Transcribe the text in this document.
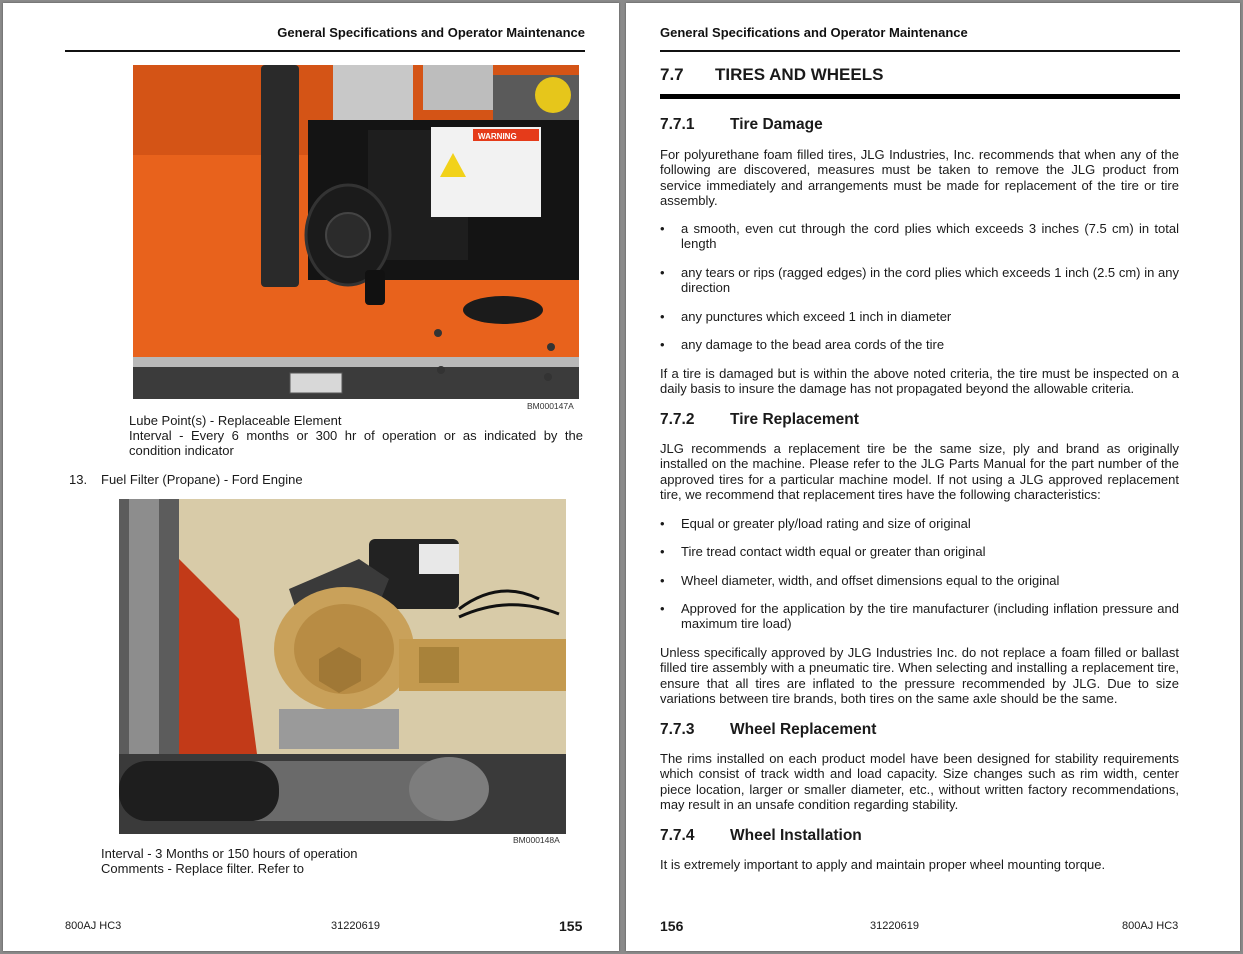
General Specifications and Operator Maintenance
WARNING
BM000147A
Lube Point(s) - Replaceable Element
Interval - Every 6 months or 300 hr of operation or as indicated by the condition indicator
13. Fuel Filter (Propane) - Ford Engine
BM000148A
Interval - 3 Months or 150 hours of operation
Comments - Replace filter. Refer to
800AJ HC3	31220619	155
General Specifications and Operator Maintenance
7.7 TIRES AND WHEELS
7.7.1 Tire Damage
For polyurethane foam filled tires, JLG Industries, Inc. recommends that when any of the following are discovered, measures must be taken to remove the JLG product from service immediately and arrangements must be made for replacement of the tire or tire assembly.
• a smooth, even cut through the cord plies which exceeds 3 inches (7.5 cm) in total length
• any tears or rips (ragged edges) in the cord plies which exceeds 1 inch (2.5 cm) in any direction
• any punctures which exceed 1 inch in diameter
• any damage to the bead area cords of the tire
If a tire is damaged but is within the above noted criteria, the tire must be inspected on a daily basis to insure the damage has not propagated beyond the allowable criteria.
7.7.2 Tire Replacement
JLG recommends a replacement tire be the same size, ply and brand as originally installed on the machine. Please refer to the JLG Parts Manual for the part number of the approved tires for a particular machine model. If not using a JLG approved replacement tire, we recommend that replacement tires have the following characteristics:
• Equal or greater ply/load rating and size of original
• Tire tread contact width equal or greater than original
• Wheel diameter, width, and offset dimensions equal to the original
• Approved for the application by the tire manufacturer (including inflation pressure and maximum tire load)
Unless specifically approved by JLG Industries Inc. do not replace a foam filled or ballast filled tire assembly with a pneumatic tire. When selecting and installing a replacement tire, ensure that all tires are inflated to the pressure recommended by JLG. Due to size variations between tire brands, both tires on the same axle should be the same.
7.7.3 Wheel Replacement
The rims installed on each product model have been designed for stability requirements which consist of track width and load capacity. Size changes such as rim width, center piece location, larger or smaller diameter, etc., without written factory recommendations, may result in an unsafe condition regarding stability.
7.7.4 Wheel Installation
It is extremely important to apply and maintain proper wheel mounting torque.
156	31220619	800AJ HC3
